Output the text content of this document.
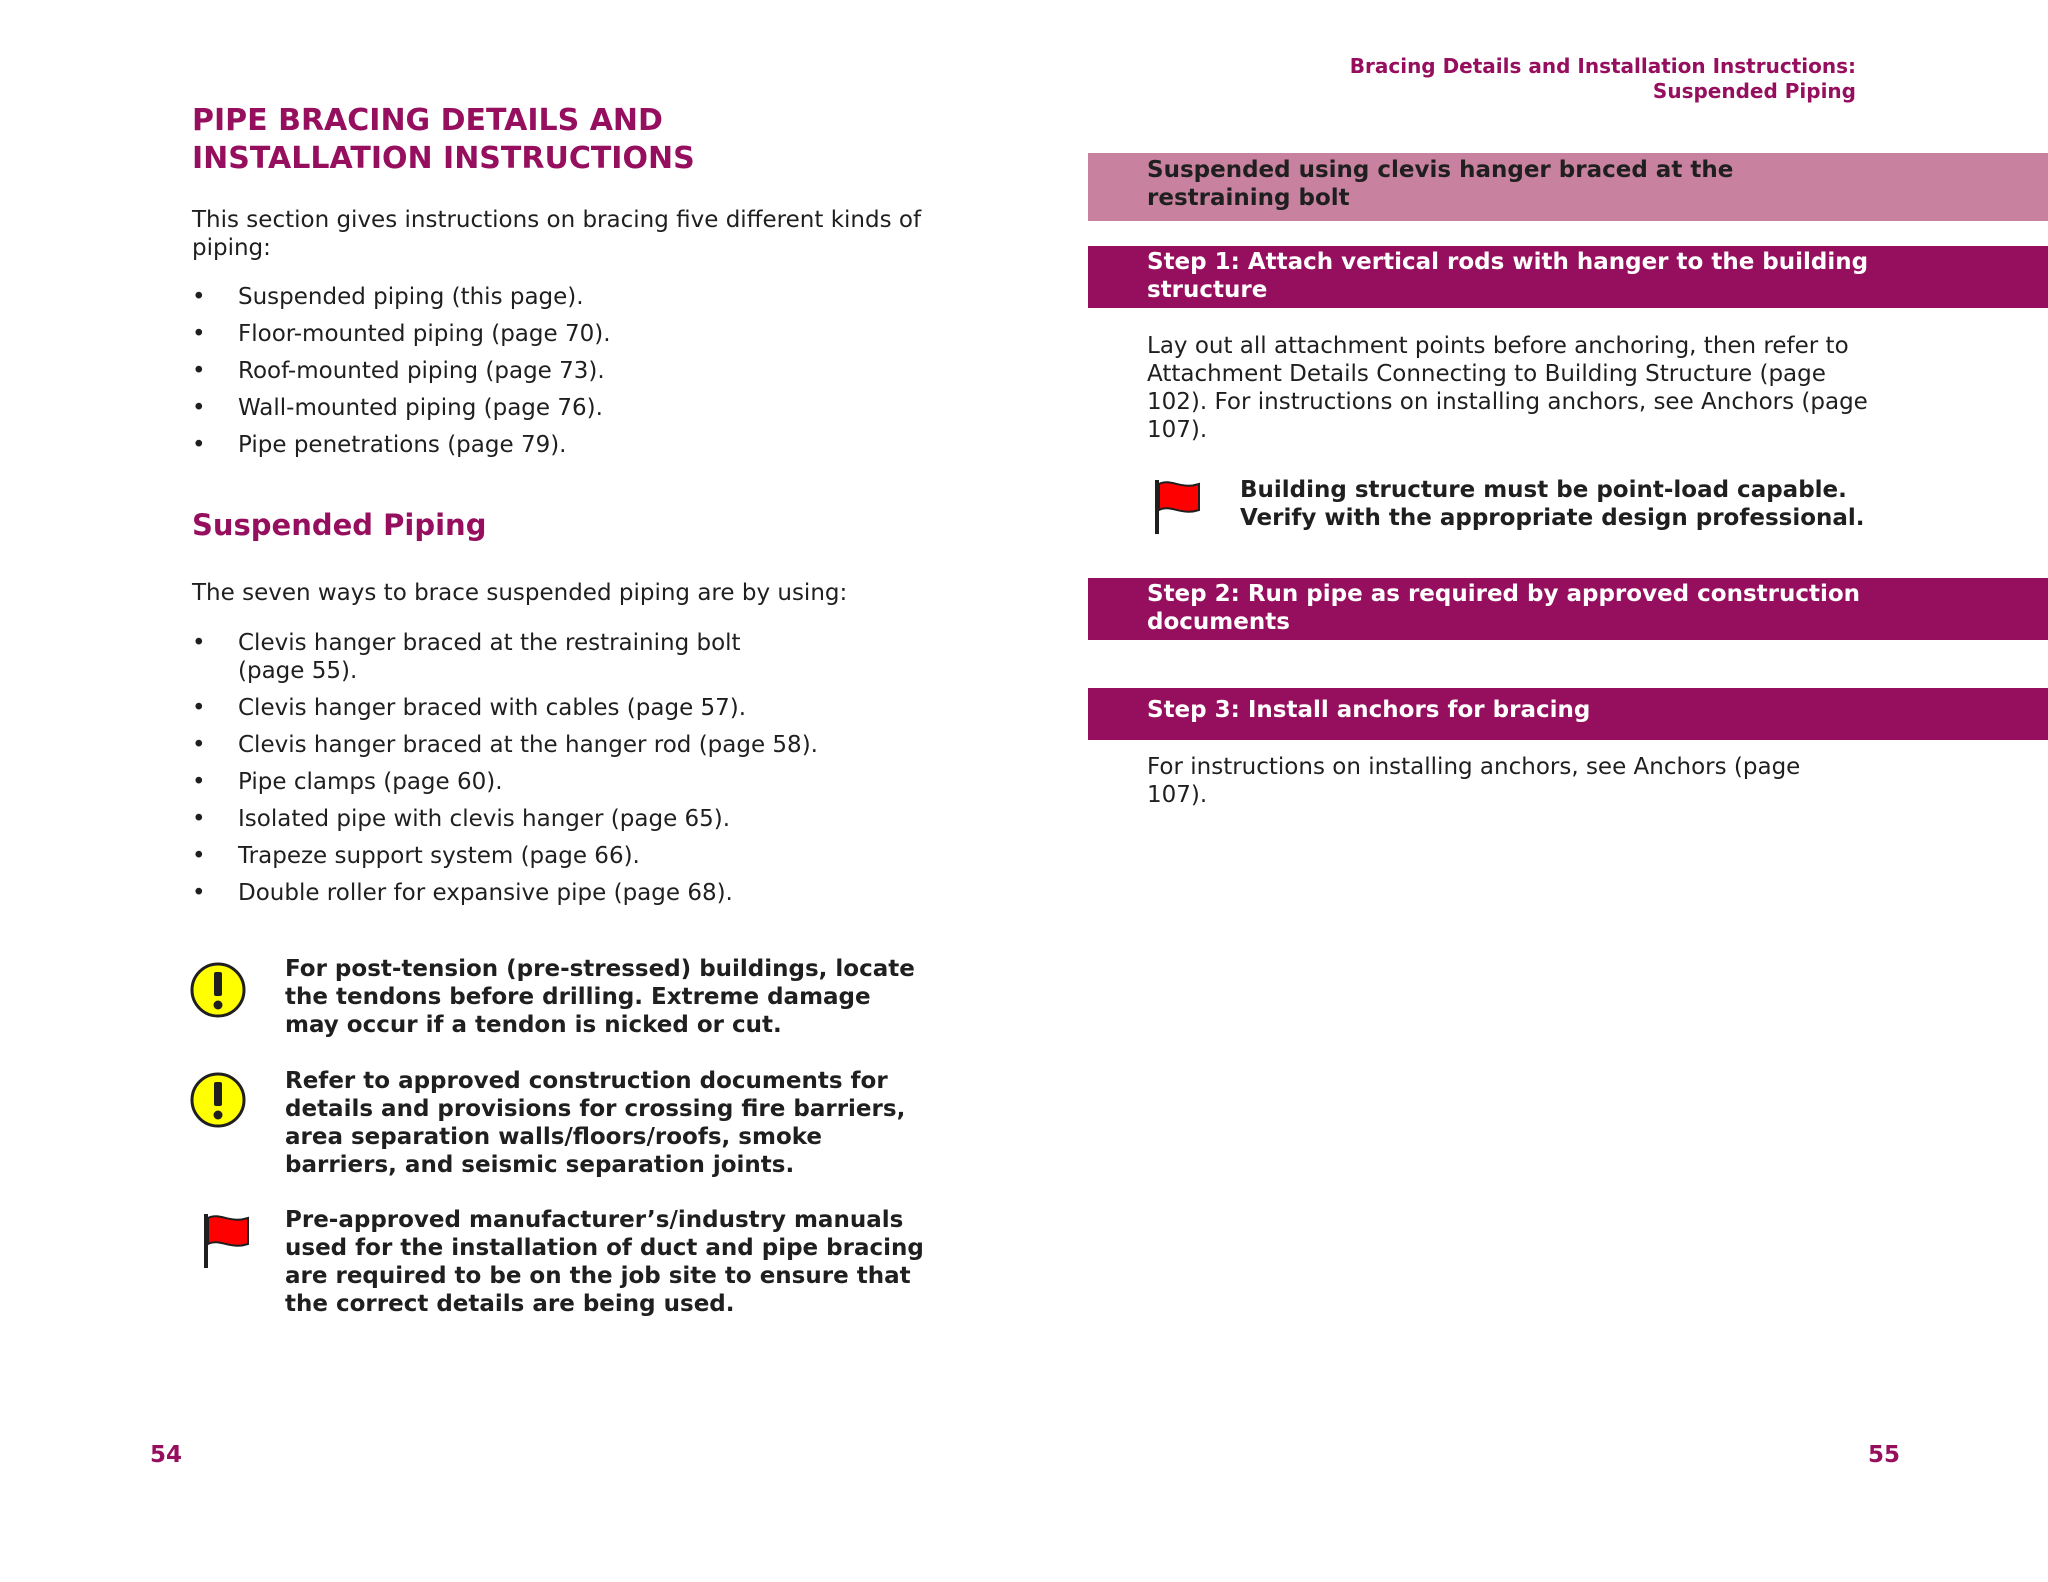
PIPE BRACING DETAILS AND
INSTALLATION INSTRUCTIONS
This section gives instructions on bracing five different kinds of piping:
• Suspended piping (this page).
• Floor-mounted piping (page 70).
• Roof-mounted piping (page 73).
• Wall-mounted piping (page 76).
• Pipe penetrations (page 79).
Suspended Piping
The seven ways to brace suspended piping are by using:
• Clevis hanger braced at the restraining bolt (page 55).
• Clevis hanger braced with cables (page 57).
• Clevis hanger braced at the hanger rod (page 58).
• Pipe clamps (page 60).
• Isolated pipe with clevis hanger (page 65).
• Trapeze support system (page 66).
• Double roller for expansive pipe (page 68).
For post-tension (pre-stressed) buildings, locate the tendons before drilling. Extreme damage may occur if a tendon is nicked or cut.
Refer to approved construction documents for details and provisions for crossing fire barriers, area separation walls/floors/roofs, smoke barriers, and seismic separation joints.
Pre-approved manufacturer’s/industry manuals used for the installation of duct and pipe bracing are required to be on the job site to ensure that the correct details are being used.
54
Bracing Details and Installation Instructions:
Suspended Piping
Suspended using clevis hanger braced at the restraining bolt
Step 1: Attach vertical rods with hanger to the building structure
Lay out all attachment points before anchoring, then refer to Attachment Details Connecting to Building Structure (page 102). For instructions on installing anchors, see Anchors (page 107).
Building structure must be point-load capable. Verify with the appropriate design professional.
Step 2: Run pipe as required by approved construction documents
Step 3: Install anchors for bracing
For instructions on installing anchors, see Anchors (page 107).
55
